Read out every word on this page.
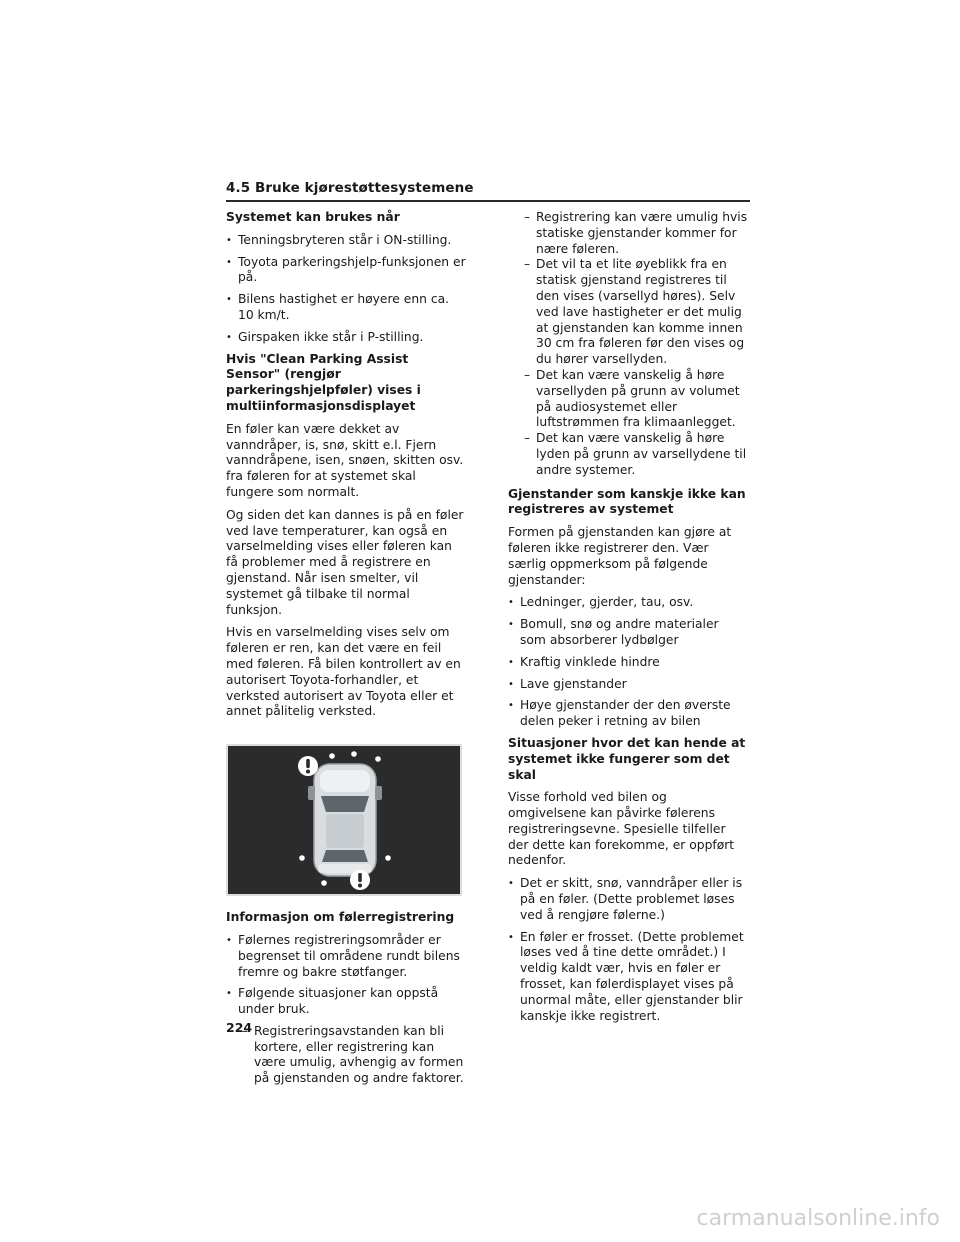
4.5 Bruke kjørestøttesystemene
Systemet kan brukes når
• Tenningsbryteren står i ON-stilling.
• Toyota parkeringshjelp-funksjonen er på.
• Bilens hastighet er høyere enn ca. 10 km/t.
• Girspaken ikke står i P-stilling.
Hvis "Clean Parking Assist Sensor" (rengjør parkeringshjelpføler) vises i multiinformasjonsdisplayet

En føler kan være dekket av vanndråper, is, snø, skitt e.l. Fjern vanndråpene, isen, snøen, skitten osv. fra føleren for at systemet skal fungere som normalt.

Og siden det kan dannes is på en føler ved lave temperaturer, kan også en varselmelding vises eller føleren kan få problemer med å registrere en gjenstand. Når isen smelter, vil systemet gå tilbake til normal funksjon.

Hvis en varselmelding vises selv om føleren er ren, kan det være en feil med føleren. Få bilen kontrollert av en autorisert Toyota-forhandler, et verksted autorisert av Toyota eller et annet pålitelig verksted.

Informasjon om følerregistrering
• Følernes registreringsområder er begrenset til områdene rundt bilens fremre og bakre støtfanger.
• Følgende situasjoner kan oppstå under bruk.
– Registreringsavstanden kan bli kortere, eller registrering kan være umulig, avhengig av formen på gjenstanden og andre faktorer.
– Registrering kan være umulig hvis statiske gjenstander kommer for nære føleren.
– Det vil ta et lite øyeblikk fra en statisk gjenstand registreres til den vises (varsellyd høres). Selv ved lave hastigheter er det mulig at gjenstanden kan komme innen 30 cm fra føleren før den vises og du hører varsellyden.
– Det kan være vanskelig å høre varsellyden på grunn av volumet på audiosystemet eller luftstrømmen fra klimaanlegget.
– Det kan være vanskelig å høre lyden på grunn av varsellydene til andre systemer.
Gjenstander som kanskje ikke kan registreres av systemet

Formen på gjenstanden kan gjøre at føleren ikke registrerer den. Vær særlig oppmerksom på følgende gjenstander:

• Ledninger, gjerder, tau, osv.
• Bomull, snø og andre materialer som absorberer lydbølger
• Kraftig vinklede hindre
• Lave gjenstander
• Høye gjenstander der den øverste delen peker i retning av bilen
Situasjoner hvor det kan hende at systemet ikke fungerer som det skal

Visse forhold ved bilen og omgivelsene kan påvirke følerens registreringsevne. Spesielle tilfeller der dette kan forekomme, er oppført nedenfor.

• Det er skitt, snø, vanndråper eller is på en føler. (Dette problemet løses ved å rengjøre følerne.)
• En føler er frosset. (Dette problemet løses ved å tine dette området.) I veldig kaldt vær, hvis en føler er frosset, kan følerdisplayet vises på unormal måte, eller gjenstander blir kanskje ikke registrert.
224
carmanualsonline.info
